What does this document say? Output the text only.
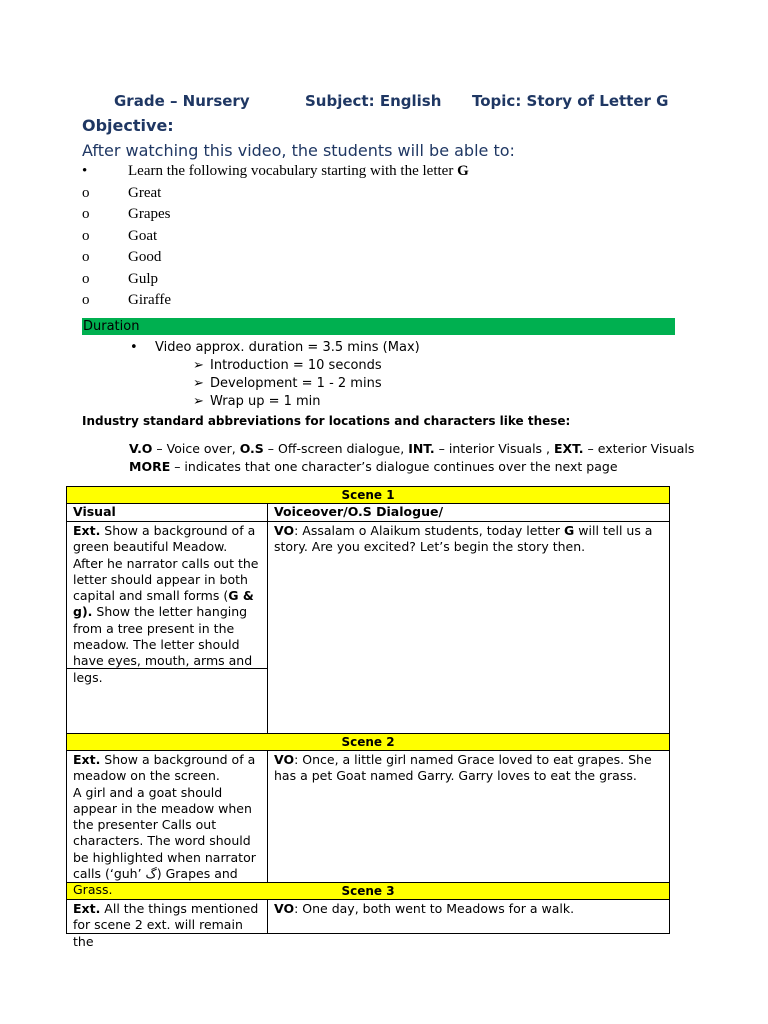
Grade – Nursery	Subject: English Topic: Story of Letter G
Objective:
After watching this video, the students will be able to:
•	Learn the following vocabulary starting with the letter G
o	Great
o	Grapes
o	Goat
o	Good
o	Gulp
o	Giraffe
Duration
• Video approx. duration = 3.5 mins (Max)
➢ Introduction = 10 seconds
➢ Development = 1 - 2 mins
➢ Wrap up = 1 min
Industry standard abbreviations for locations and characters like these:
V.O – Voice over, O.S – Off-screen dialogue, INT. – interior Visuals , EXT. – exterior Visuals
MORE – indicates that one character’s dialogue continues over the next page
Scene 1
Visual	Voiceover/O.S Dialogue/
Ext. Show a background of a green beautiful Meadow. After he narrator calls out the letter should appear in both capital and small forms (G & g). Show the letter hanging from a tree present in the meadow. The letter should have eyes, mouth, arms and legs.
VO: Assalam o Alaikum students, today letter G will tell us a story. Are you excited? Let’s begin the story then.
Scene 2
Ext. Show a background of a meadow on the screen.
A girl and a goat should appear in the meadow when the presenter Calls out characters. The word should be highlighted when narrator calls (‘guh’ گ) Grapes and Grass.
VO: Once, a little girl named Grace loved to eat grapes. She has a pet Goat named Garry. Garry loves to eat the grass.
Scene 3
Ext. All the things mentioned for scene 2 ext. will remain the
VO: One day, both went to Meadows for a walk.
